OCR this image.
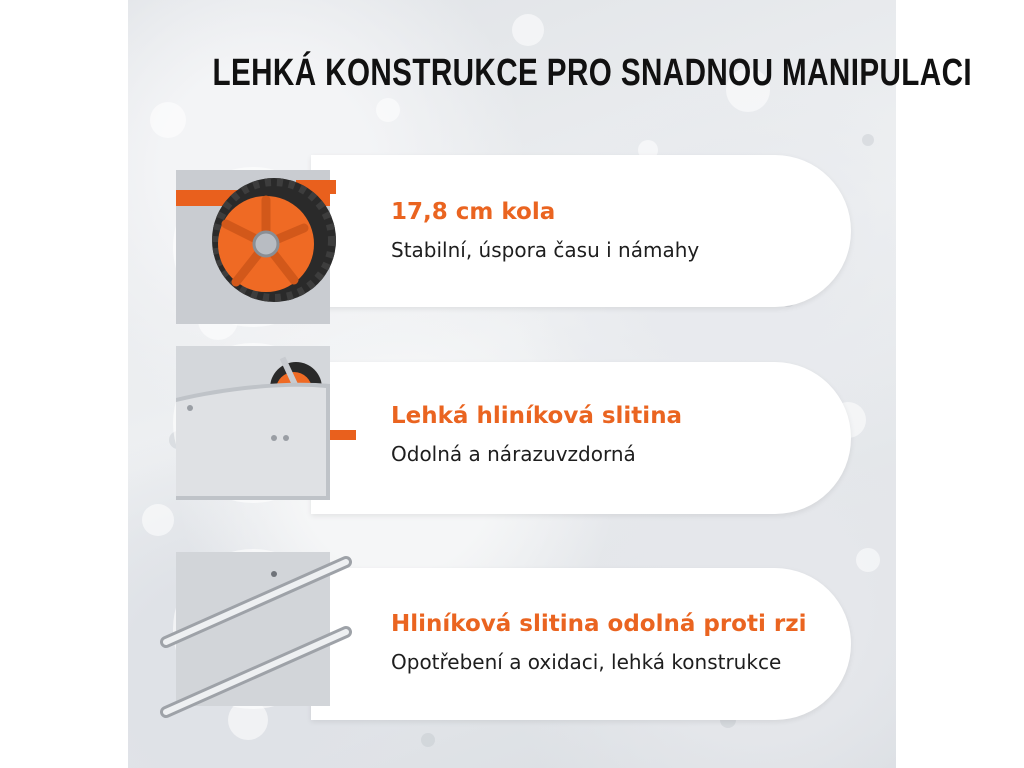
LEHKÁ KONSTRUKCE PRO SNADNOU MANIPULACI
17,8 cm kola
Stabilní, úspora času i námahy
Lehká hliníková slitina
Odolná a nárazuvzdorná
Hliníková slitina odolná proti rzi
Opotřebení a oxidaci, lehká konstrukce
